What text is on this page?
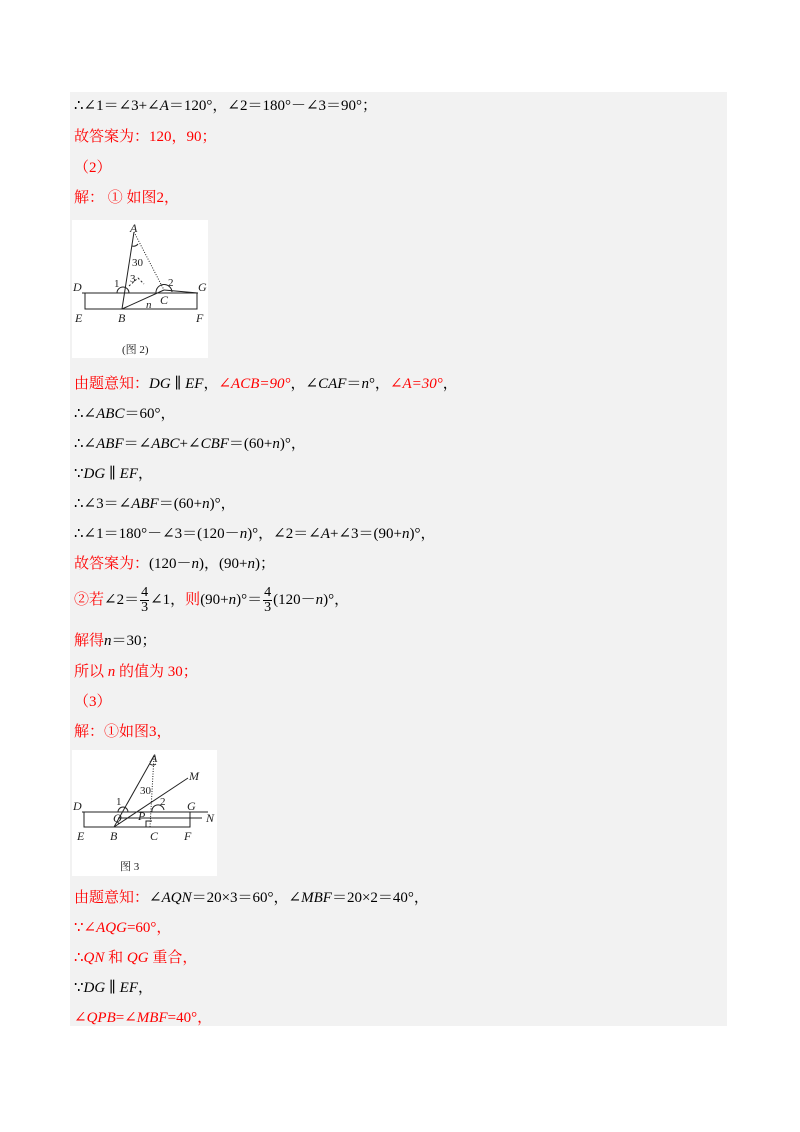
∴∠1＝∠3+∠A＝120°，∠2＝180°－∠3＝90°；
故答案为：120，90；
（2）
解： ① 如图2，
A
D	G
E	B	F
C
n
1	2
3
30
(图 2)
由题意知：DG ∥ EF，∠ACB=90°，∠CAF＝n°，∠A=30°，
∴∠ABC＝60°，
∴∠ABF＝∠ABC+∠CBF＝(60+n)°，
∵DG ∥ EF，
∴∠3＝∠ABF＝(60+n)°，
∴∠1＝180°－∠3＝(120－n)°，∠2＝∠A+∠3＝(90+n)°，
故答案为：(120－n)，(90+n)；
②若∠2＝ $\frac{4}{3}$ ∠1，则$(90+n)^\circ= \frac{4}{3} (120-n)^\circ$，
解得n＝30；
所以 n 的值为 30；
（3）
解：①如图3，
A
M
D	G
N
E B	C F
Q P
1	2
30
图 3
由题意知：∠AQN＝20×3＝60°，∠MBF＝20×2＝40°，
∵∠AQG=60°，
∴QN 和 QG 重合，
∵DG ∥ EF，
∠QPB=∠MBF=40°，
